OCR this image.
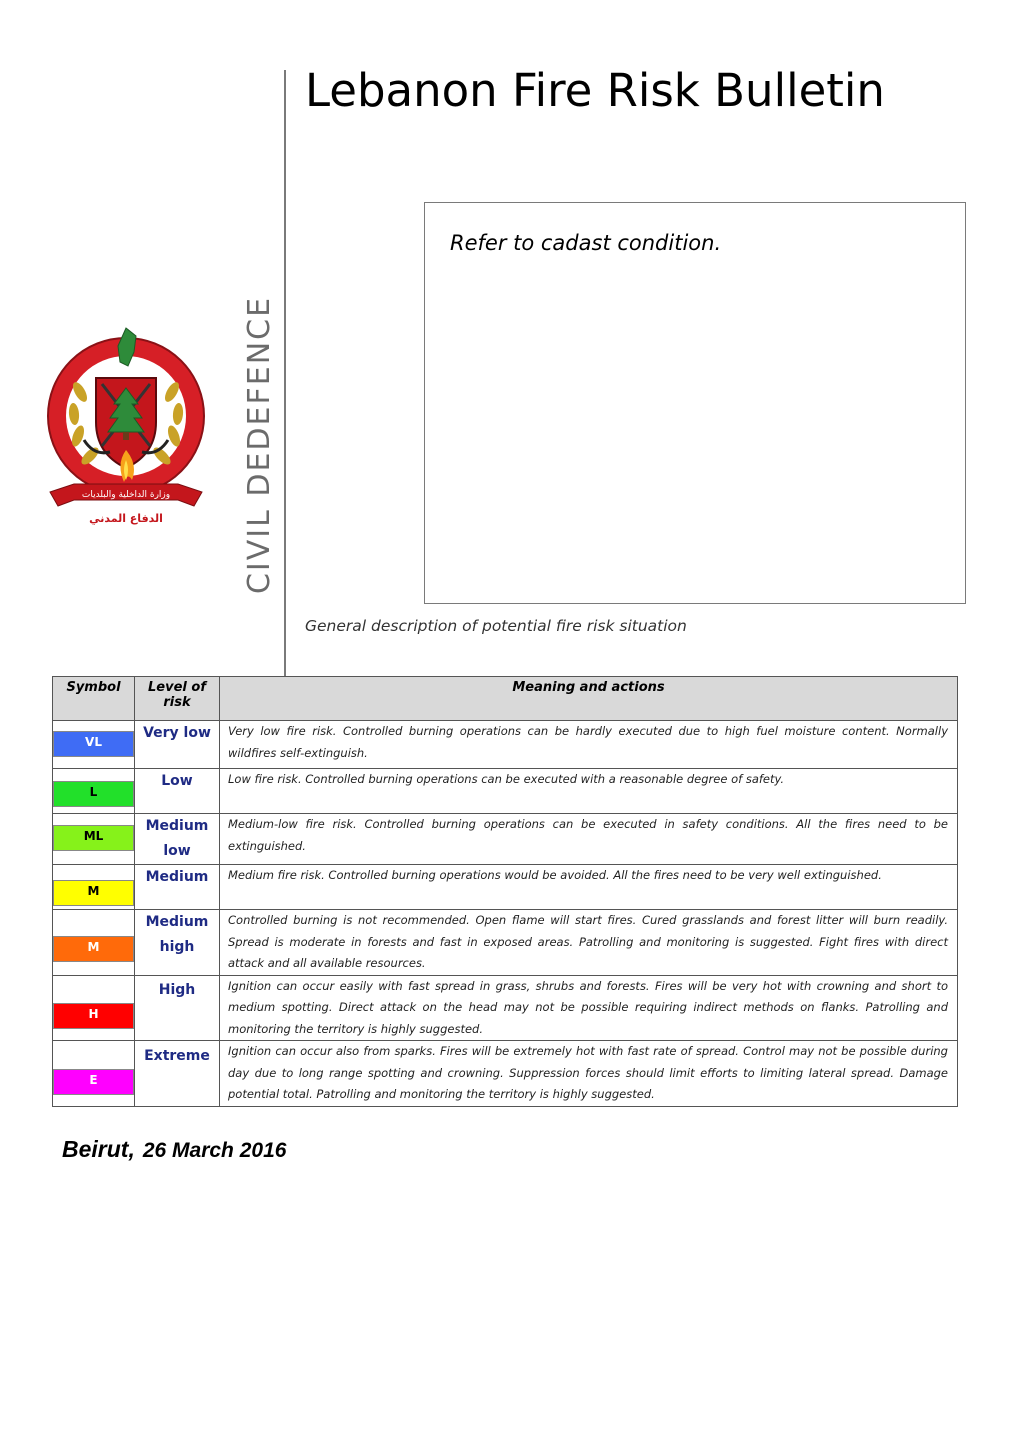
Lebanon Fire Risk Bulletin
CIVIL DEDEFENCE
وزارة الداخلية والبلديات
الدفاع المدني
Refer to cadast condition.
General description of potential fire risk situation
Symbol	Level of risk	Meaning and actions

VL	Very low	Very low fire risk. Controlled burning operations can be hardly executed due to high fuel moisture content. Normally wildfires self-extinguish.

L	Low	Low fire risk. Controlled burning operations can be executed with a reasonable degree of safety.

ML	Medium low	Medium-low fire risk. Controlled burning operations can be executed in safety conditions. All the fires need to be extinguished.

M	Medium	Medium fire risk. Controlled burning operations would be avoided. All the fires need to be very well extinguished.

M	Medium high	Controlled burning is not recommended. Open flame will start fires. Cured grasslands and forest litter will burn readily. Spread is moderate in forests and fast in exposed areas. Patrolling and monitoring is suggested. Fight fires with direct attack and all available resources.

H	High	Ignition can occur easily with fast spread in grass, shrubs and forests. Fires will be very hot with crowning and short to medium spotting. Direct attack on the head may not be possible requiring indirect methods on flanks. Patrolling and monitoring the territory is highly suggested.

E	Extreme	Ignition can occur also from sparks. Fires will be extremely hot with fast rate of spread. Control may not be possible during day due to long range spotting and crowning. Suppression forces should limit efforts to limiting lateral spread. Damage potential total. Patrolling and monitoring the territory is highly suggested.
Beirut, 26 March 2016
